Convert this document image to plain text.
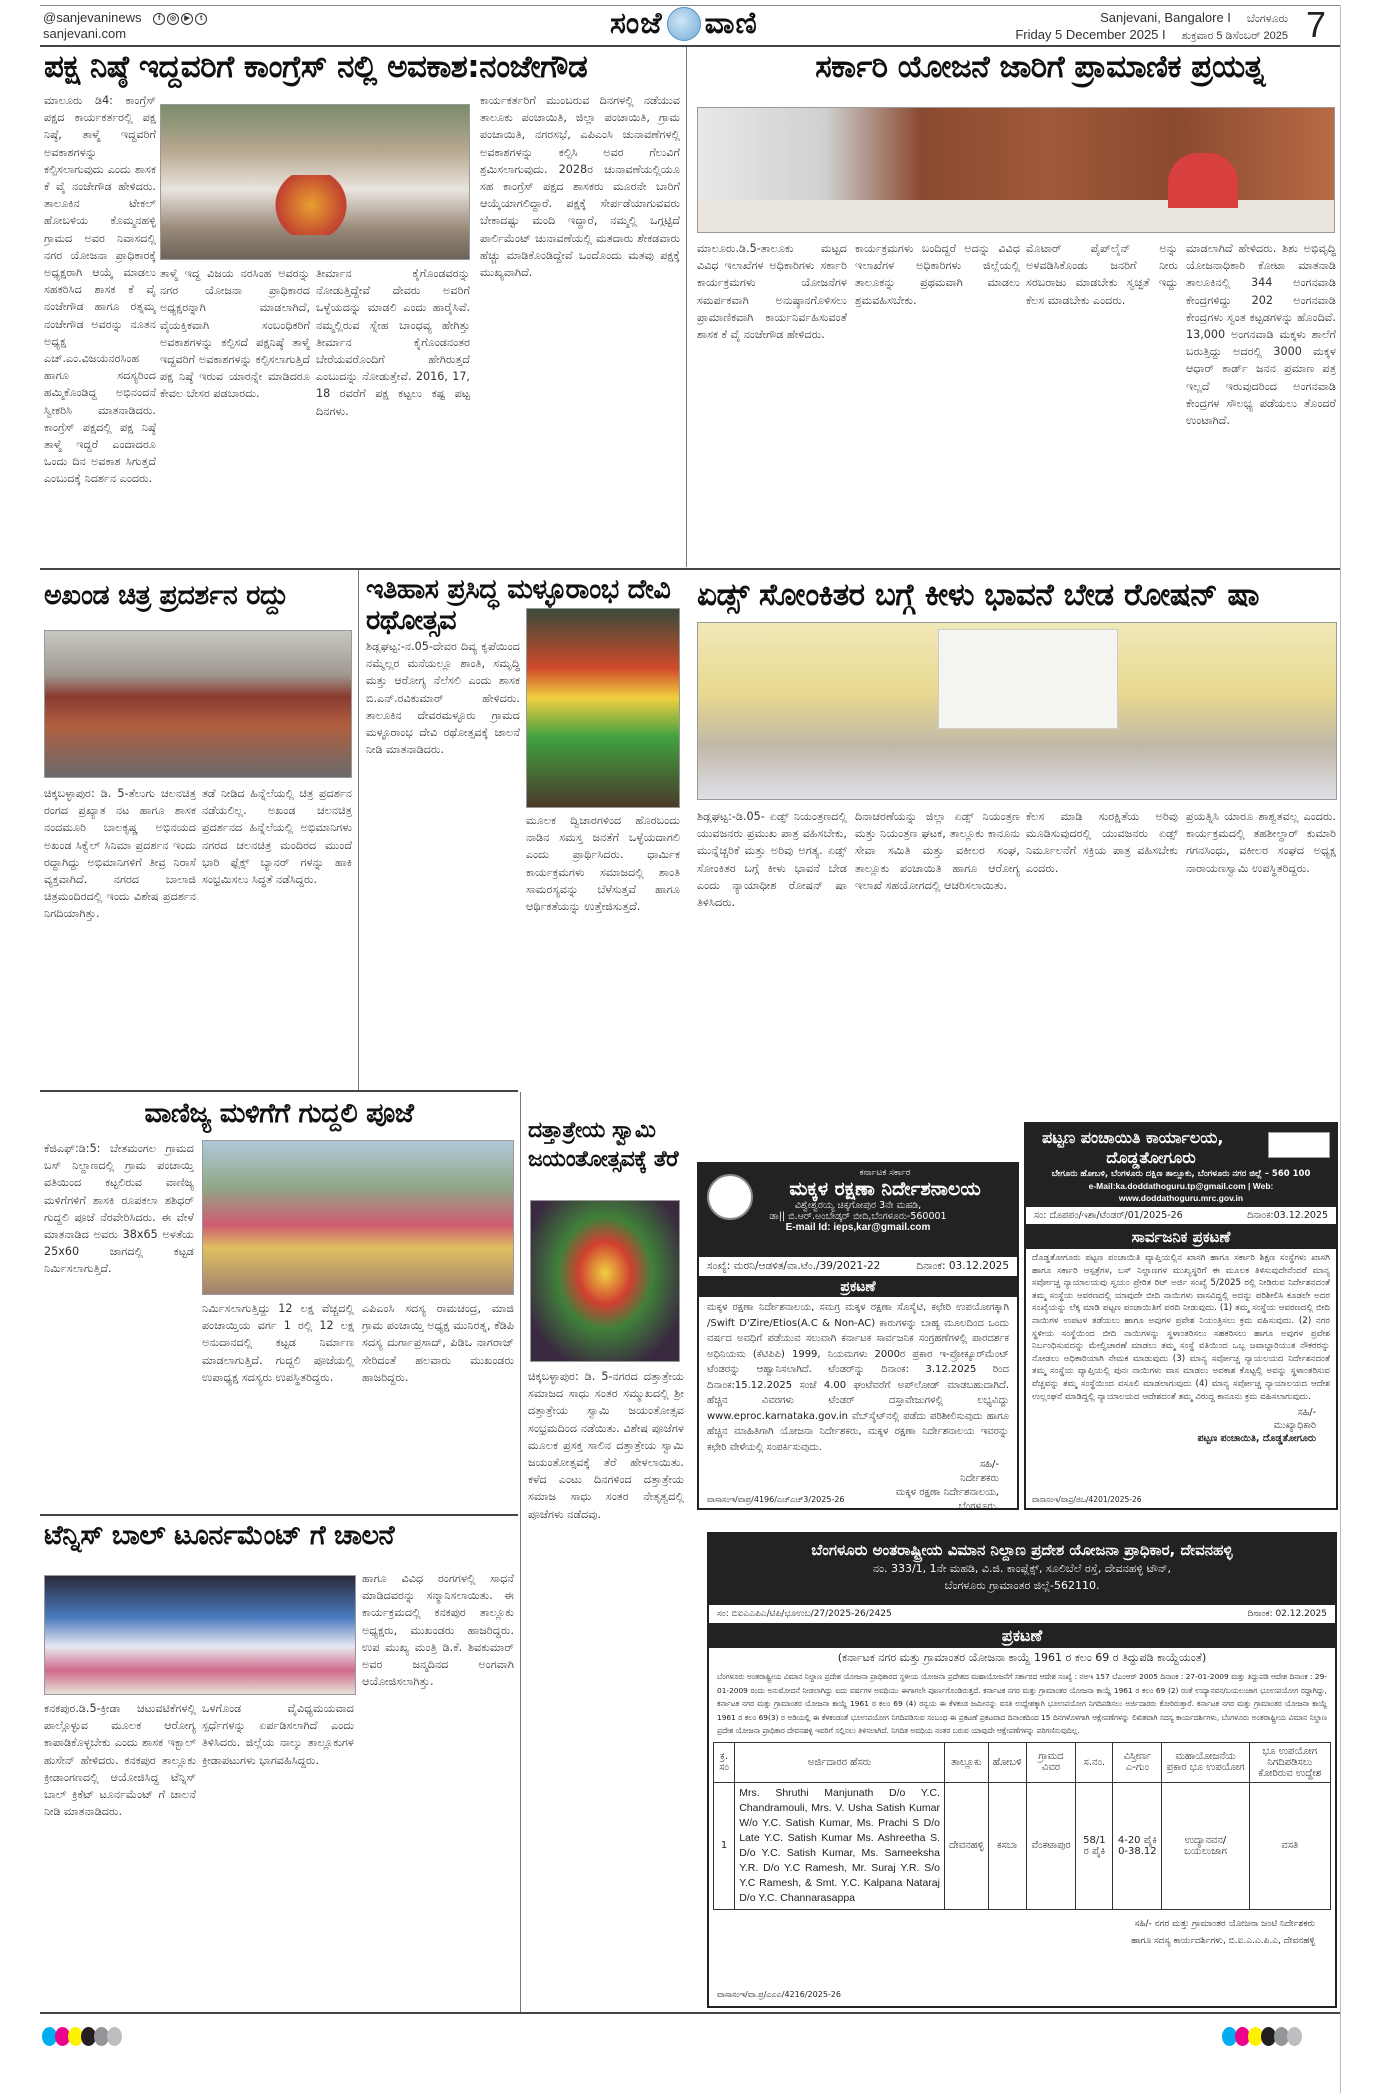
@sanjevaninews	f	◎	▶	t
sanjevani.com	ಸಂಜೆ ವಾಣಿ	Sanjevani, Bangalore I ಬೆಂಗಳೂರು
Friday 5 December 2025 I ಶುಕ್ರವಾರ 5 ಡಿಸೆಂಬರ್ 2025 7
ಪಕ್ಷ ನಿಷ್ಠೆ ಇದ್ದವರಿಗೆ ಕಾಂಗ್ರೆಸ್ ನಲ್ಲಿ ಅವಕಾಶ:ನಂಜೇಗೌಡ
ಮಾಲೂರು ಡಿ4: ಕಾಂಗ್ರೆಸ್ ಪಕ್ಷದ ಕಾರ್ಯಕರ್ತರಲ್ಲಿ ಪಕ್ಷ ನಿಷ್ಠೆ, ತಾಳ್ಮೆ ಇದ್ದವರಿಗೆ ಅವಕಾಶಗಳನ್ನು ಕಲ್ಪಿಸಲಾಗುವುದು ಎಂದು ಶಾಸಕ ಕೆ ವೈ ನಂಜೇಗೌಡ ಹೇಳಿದರು. ತಾಲೂಕಿನ ಟೇಕಲ್ ಹೋಬಳಿಯ ಕೊಮ್ಮನಹಳ್ಳಿ ಗ್ರಾಮದ ಅವರ ನಿವಾಸದಲ್ಲಿ ನಗರ ಯೋಜನಾ ಪ್ರಾಧಿಕಾರಕ್ಕೆ ಅಧ್ಯಕ್ಷರಾಗಿ ಆಯ್ಕೆ ಮಾಡಲು ಸಹಕರಿಸಿದ ಶಾಸಕ ಕೆ ವೈ ನಂಜೇಗೌಡ ಹಾಗೂ ರತ್ನಮ್ಮ ನಂಜೇಗೌಡ ಅವರನ್ನು ನೂತನ ಅಧ್ಯಕ್ಷ ಎಚ್.ಎಂ.ವಿಜಯನರಸಿಂಹ ಹಾಗೂ ಸದಸ್ಯರಿಂದ ಹಮ್ಮಿಕೊಂಡಿದ್ದ ಅಭಿನಂದನೆ ಸ್ವೀಕರಿಸಿ ಮಾತನಾಡಿದರು. ಕಾಂಗ್ರೆಸ್ ಪಕ್ಷದಲ್ಲಿ ಪಕ್ಷ ನಿಷ್ಠೆ ತಾಳ್ಮೆ ಇದ್ದರೆ ಎಂದಾದರೂ ಒಂದು ದಿನ ಅವಕಾಶ ಸಿಗುತ್ತದೆ ಎಂಬುದಕ್ಕೆ ನಿದರ್ಶನ ಎಂದರು.
ತಾಳ್ಮೆ ಇದ್ದ ವಿಜಯ ನರಸಿಂಹ ಅವರನ್ನು ನಗರ ಯೋಜನಾ ಪ್ರಾಧಿಕಾರದ ಅಧ್ಯಕ್ಷರನ್ನಾಗಿ ಮಾಡಲಾಗಿದೆ, ವೈಯಕ್ತಿಕವಾಗಿ ಸಂಬಂಧಿಕರಿಗೆ ಅವಕಾಶಗಳನ್ನು ಕಲ್ಪಿಸದೆ ಪಕ್ಷನಿಷ್ಠೆ ತಾಳ್ಮೆ ಇದ್ದವರಿಗೆ ಅವಕಾಶಗಳನ್ನು ಕಲ್ಪಿಸಲಾಗುತ್ತಿದೆ ಪಕ್ಷ ನಿಷ್ಠೆ ಇರುವ ಯಾರನ್ನೇ ಮಾಡಿದರೂ ಕೇವಲ ಬೇಸರ ಪಡಬಾರದು.
ತೀರ್ಮಾನ ಕೈಗೊಂಡವರನ್ನು ನೋಡುತ್ತಿದ್ದೇವೆ ದೇವರು ಅವರಿಗೆ ಒಳ್ಳೆಯದನ್ನು ಮಾಡಲಿ ಎಂದು ಹಾರೈಸಿವೆ. ನಮ್ಮಲ್ಲಿರುವ ಸ್ನೇಹ ಬಾಂಧವ್ಯ ಹೇಗಿತ್ತು ತೀರ್ಮಾನ ಕೈಗೊಂಡನಂತರ ಬೇರೆಯವರೊಂದಿಗೆ ಹೇಗಿರುತ್ತದೆ ಎಂಬುದನ್ನು ನೋಡುತ್ತೇವೆ. 2016, 17, 18 ರವರೆಗೆ ಪಕ್ಷ ಕಟ್ಟಲು ಕಷ್ಟ ಪಟ್ಟ ದಿನಗಳು.
ಕಾರ್ಯಕರ್ತರಿಗೆ ಮುಂಬರುವ ದಿನಗಳಲ್ಲಿ ನಡೆಯುವ ತಾಲೂಕು ಪಂಚಾಯಿತಿ, ಜಿಲ್ಲಾ ಪಂಚಾಯಿತಿ, ಗ್ರಾಮ ಪಂಚಾಯಿತಿ, ನಗರಸಭೆ, ಎಪಿಎಂಸಿ ಚುನಾವಣೆಗಳಲ್ಲಿ ಅವಕಾಶಗಳನ್ನು ಕಲ್ಪಿಸಿ ಅವರ ಗೆಲುವಿಗೆ ಶ್ರಮಿಸಲಾಗುವುದು. 2028ರ ಚುನಾವಣೆಯಲ್ಲಿಯೂ ಸಹ ಕಾಂಗ್ರೆಸ್ ಪಕ್ಷದ ಶಾಸಕರು ಮೂರನೇ ಬಾರಿಗೆ ಆಯ್ಕೆಯಾಗಲಿದ್ದಾರೆ. ಪಕ್ಷಕ್ಕೆ ಸೇರ್ಪಡೆಯಾಗುವವರು ಬೇಕಾದಷ್ಟು ಮಂದಿ ಇದ್ದಾರೆ, ನಮ್ಮಲ್ಲಿ ಒಗ್ಗಟ್ಟಿದೆ ಪಾರ್ಲಿಮೆಂಟ್ ಚುನಾವಣೆಯಲ್ಲಿ ಮತದಾರು ಶೇಕಡವಾರು ಹೆಚ್ಚು ಮಾಡಿಕೊಂಡಿದ್ದೇವೆ ಒಂದೊಂದು ಮತವು ಪಕ್ಷಕ್ಕೆ ಮುಖ್ಯವಾಗಿದೆ.
ಸರ್ಕಾರಿ ಯೋಜನೆ ಜಾರಿಗೆ ಪ್ರಾಮಾಣಿಕ ಪ್ರಯತ್ನ
ಮಾಲೂರು.ಡಿ.5-ತಾಲೂಕು ಮಟ್ಟದ ವಿವಿಧ ಇಲಾಖೆಗಳ ಅಧಿಕಾರಿಗಳು ಸರ್ಕಾರಿ ಕಾರ್ಯಕ್ರಮಗಳು ಯೋಜನೆಗಳ ಸಮರ್ಪಕವಾಗಿ ಅನುಷ್ಠಾನಗೊಳಿಸಲು ಪ್ರಾಮಾಣಿಕವಾಗಿ ಕಾರ್ಯನಿರ್ವಹಿಸುವಂತೆ ಶಾಸಕ ಕೆ ವೈ ನಂಜೇಗೌಡ ಹೇಳಿದರು.
ಕಾರ್ಯಕ್ರಮಗಳು ಬಂದಿದ್ದರೆ ಅದನ್ನು ವಿವಿಧ ಇಲಾಖೆಗಳ ಅಧಿಕಾರಿಗಳು ಜಿಲ್ಲೆಯಲ್ಲಿ ತಾಲೂಕನ್ನು ಪ್ರಥಮವಾಗಿ ಮಾಡಲು ಶ್ರಮವಹಿಸಬೇಕು.
ಮೊಟಾರ್ ಪೈಪ್‌ಲೈನ್ ಅನ್ನು ಅಳವಡಿಸಿಕೊಂಡು ಜನರಿಗೆ ನೀರು ಸರಬರಾಜು ಮಾಡಬೇಕು ಸ್ವಚ್ಛತೆ ಇದ್ದು ಕೆಲಸ ಮಾಡಬೇಕು ಎಂದರು.
ಮಾಡಲಾಗಿದೆ ಹೇಳಿದರು. ಶಿಶು ಅಭಿವೃದ್ಧಿ ಯೋಜನಾಧಿಕಾರಿ ಕೋಟಾ ಮಾತನಾಡಿ ತಾಲೂಕಿನಲ್ಲಿ 344 ಅಂಗನವಾಡಿ ಕೇಂದ್ರಗಳಿದ್ದು 202 ಅಂಗನವಾಡಿ ಕೇಂದ್ರಗಳು ಸ್ವಂತ ಕಟ್ಟಡಗಳನ್ನು ಹೊಂದಿವೆ. 13,000 ಅಂಗನವಾಡಿ ಮಕ್ಕಳು ಶಾಲೆಗೆ ಬರುತ್ತಿದ್ದು ಅದರಲ್ಲಿ 3000 ಮಕ್ಕಳ ಆಧಾರ್ ಕಾರ್ಡ್ ಜನನ ಪ್ರಮಾಣ ಪತ್ರ ಇಲ್ಲದೆ ಇರುವುದರಿಂದ ಅಂಗನವಾಡಿ ಕೇಂದ್ರಗಳ ಸೌಲಭ್ಯ ಪಡೆಯಲು ತೊಂದರೆ ಉಂಟಾಗಿದೆ.
ಅಖಂಡ ಚಿತ್ರ ಪ್ರದರ್ಶನ ರದ್ದು
ಚಿಕ್ಕಬಳ್ಳಾಪುರ: ಡಿ. 5-ತೆಲುಗು ಚಲನಚಿತ್ರ ರಂಗದ ಪ್ರಖ್ಯಾತ ನಟ ಹಾಗೂ ಶಾಸಕ ನಂದಮೂರಿ ಬಾಲಕೃಷ್ಣ ಅಭಿನಯದ ಅಖಂಡ ಸಿಕ್ವೆಲ್ ಸಿನಿಮಾ ಪ್ರದರ್ಶನ ಇಂದು ರದ್ದಾಗಿದ್ದು ಅಭಿಮಾನಿಗಳಿಗೆ ತೀವ್ರ ನಿರಾಸೆ ವ್ಯಕ್ತವಾಗಿದೆ. ನಗರದ ಬಾಲಾಜಿ ಚಿತ್ರಮಂದಿರದಲ್ಲಿ ಇಂದು ವಿಶೇಷ ಪ್ರದರ್ಶನ ನಿಗದಿಯಾಗಿತ್ತು.
ತಡೆ ನೀಡಿದ ಹಿನ್ನೆಲೆಯಲ್ಲಿ ಚಿತ್ರ ಪ್ರದರ್ಶನ ನಡೆಯಲಿಲ್ಲ. ಅಖಂಡ ಚಲನಚಿತ್ರ ಪ್ರದರ್ಶನದ ಹಿನ್ನೆಲೆಯಲ್ಲಿ ಅಭಿಮಾನಿಗಳು ನಗರದ ಚಲನಚಿತ್ರ ಮಂದಿರದ ಮುಂದೆ ಭಾರಿ ಫ್ಲೆಕ್ಸ್ ಬ್ಯಾನರ್ ಗಳನ್ನು ಹಾಕಿ ಸಂಭ್ರಮಿಸಲು ಸಿದ್ಧತೆ ನಡೆಸಿದ್ದರು.
ಇತಿಹಾಸ ಪ್ರಸಿದ್ಧ ಮಳ್ಳೂರಾಂಭ ದೇವಿ ರಥೋತ್ಸವ
ಶಿಡ್ಲಘಟ್ಟ:-ನ.05-ದೇವರ ದಿವ್ಯ ಕೃಪೆಯಿಂದ ನಮ್ಮೆಲ್ಲರ ಮನೆಯಲ್ಲೂ ಶಾಂತಿ, ಸಮೃದ್ಧಿ ಮತ್ತು ಆರೋಗ್ಯ ನೆಲೆಸಲಿ ಎಂದು ಶಾಸಕ ಬಿ.ಎನ್.ರವಿಕುಮಾರ್ ಹೇಳಿದರು. ತಾಲೂಕಿನ ದೇವರಮಳ್ಳೂರು ಗ್ರಾಮದ ಮಳ್ಳೂರಾಂಭ ದೇವಿ ರಥೋತ್ಸವಕ್ಕೆ ಚಾಲನೆ ನೀಡಿ ಮಾತನಾಡಿದರು.
ಮೂಲಕ ದ್ವಿಚಾರಗಳಿಂದ ಹೊರಬಂದು ನಾಡಿನ ಸಮಸ್ತ ಜನತೆಗೆ ಒಳ್ಳೆಯದಾಗಲಿ ಎಂದು ಪ್ರಾರ್ಥಿಸಿದರು. ಧಾರ್ಮಿಕ ಕಾರ್ಯಕ್ರಮಗಳು ಸಮಾಜದಲ್ಲಿ ಶಾಂತಿ ಸಾಮರಸ್ಯವನ್ನು ಬೆಳೆಸುತ್ತವೆ ಹಾಗೂ ಆರ್ಥಿಕತೆಯನ್ನು ಉತ್ತೇಜಿಸುತ್ತದೆ.
ಏಡ್ಸ್ ಸೋಂಕಿತರ ಬಗ್ಗೆ ಕೀಳು ಭಾವನೆ ಬೇಡ ರೋಷನ್ ಷಾ
ಶಿಡ್ಲಘಟ್ಟ:-ಡಿ.05- ಏಡ್ಸ್ ನಿಯಂತ್ರಣದಲ್ಲಿ ಯುವಜನರು ಪ್ರಮುಖ ಪಾತ್ರ ವಹಿಸಬೇಕು, ಮುನ್ನೆಚ್ಚರಿಕೆ ಮತ್ತು ಅರಿವು ಅಗತ್ಯ. ಏಡ್ಸ್ ಸೋಂಕಿತರ ಬಗ್ಗೆ ಕೀಳು ಭಾವನೆ ಬೇಡ ಎಂದು ನ್ಯಾಯಾಧೀಶ ರೋಷನ್ ಷಾ ತಿಳಿಸಿದರು.
ದಿನಾಚರಣೆಯನ್ನು ಜಿಲ್ಲಾ ಏಡ್ಸ್ ನಿಯಂತ್ರಣ ಮತ್ತು ನಿಯಂತ್ರಣ ಘಟಕ, ತಾಲ್ಲೂಕು ಕಾನೂನು ಸೇವಾ ಸಮಿತಿ ಮತ್ತು ವಕೀಲರ ಸಂಘ, ತಾಲ್ಲೂಕು ಪಂಚಾಯಿತಿ ಹಾಗೂ ಆರೋಗ್ಯ ಇಲಾಖೆ ಸಹಯೋಗದಲ್ಲಿ ಆಚರಿಸಲಾಯಿತು.
ಕೆಲಸ ಮಾಡಿ ಸುರಕ್ಷಿತೆಯ ಅರಿವು ಮೂಡಿಸುವುದರಲ್ಲಿ ಯುವಜನರು ಏಡ್ಸ್ ನಿರ್ಮೂಲನೆಗೆ ಸಕ್ರಿಯ ಪಾತ್ರ ವಹಿಸಬೇಕು ಎಂದರು.
ಪ್ರಯತ್ನಿಸಿ ಯಾರೂ ಶಾಶ್ವತವಲ್ಲ ಎಂದರು. ಕಾರ್ಯಕ್ರಮದಲ್ಲಿ ತಹಶೀಲ್ದಾರ್ ಕುಮಾರಿ ಗಗನಸಿಂಧು, ವಕೀಲರ ಸಂಘದ ಅಧ್ಯಕ್ಷ ನಾರಾಯಣಸ್ವಾಮಿ ಉಪಸ್ಥಿತರಿದ್ದರು.
ವಾಣಿಜ್ಯ ಮಳಿಗೆಗೆ ಗುದ್ದಲಿ ಪೂಜೆ
ಕೆಜಿಎಫ್:ಡಿ:5: ಬೇತಮಂಗಲ ಗ್ರಾಮದ ಬಸ್ ನಿಲ್ದಾಣದಲ್ಲಿ ಗ್ರಾಮ ಪಂಚಾಯ್ತಿ ವತಿಯಿಂದ ಕಟ್ಟಲಿರುವ ವಾಣಿಜ್ಯ ಮಳಿಗೆಗಳಿಗೆ ಶಾಸಕಿ ರೂಪಕಲಾ ಶಶಿಧರ್ ಗುದ್ದಲಿ ಪೂಜೆ ನೆರವೇರಿಸಿದರು. ಈ ವೇಳೆ ಮಾತನಾಡಿದ ಅವರು 38x65 ಅಳತೆಯ 25x60 ಜಾಗದಲ್ಲಿ ಕಟ್ಟಡ ನಿರ್ಮಿಸಲಾಗುತ್ತಿದೆ.
ನಿರ್ಮಿಸಲಾಗುತ್ತಿದ್ದು 12 ಲಕ್ಷ ವೆಚ್ಚದಲ್ಲಿ ಪಂಚಾಯ್ತಿಯ ವರ್ಗ 1 ರಲ್ಲಿ 12 ಲಕ್ಷ ಅನುದಾನದಲ್ಲಿ ಕಟ್ಟಡ ನಿರ್ಮಾಣ ಮಾಡಲಾಗುತ್ತಿದೆ. ಗುದ್ದಲಿ ಪೂಜೆಯಲ್ಲಿ ಉಪಾಧ್ಯಕ್ಷ ಸದಸ್ಯರು ಉಪಸ್ಥಿತರಿದ್ದರು.
ಎಪಿಎಂಸಿ ಸದಸ್ಯ ರಾಮಚಂದ್ರ, ಮಾಜಿ ಗ್ರಾಮ ಪಂಚಾಯ್ತಿ ಅಧ್ಯಕ್ಷ ಮುನಿರತ್ನ, ಕೆಡಿಪಿ ಸದಸ್ಯ ದುರ್ಗಾಪ್ರಸಾದ್, ಪಿಡಿಒ ನಾಗರಾಜ್ ಸೇರಿದಂತೆ ಹಲವಾರು ಮುಖಂಡರು ಹಾಜರಿದ್ದರು.
ದತ್ತಾತ್ರೇಯ ಸ್ವಾಮಿ ಜಯಂತೋತ್ಸವಕ್ಕೆ ತೆರೆ
ಚಿಕ್ಕಬಳ್ಳಾಪುರ: ಡಿ. 5-ನಗರದ ದತ್ತಾತ್ರೇಯ ಸಮಾಜದ ಸಾಧು ಸಂತರ ಸಮ್ಮುಖದಲ್ಲಿ ಶ್ರೀ ದತ್ತಾತ್ರೇಯ ಸ್ವಾಮಿ ಜಯಂತೋತ್ಸವ ಸಂಭ್ರಮದಿಂದ ನಡೆಯಿತು. ವಿಶೇಷ ಪೂಜೆಗಳ ಮೂಲಕ ಪ್ರಸಕ್ತ ಸಾಲಿನ ದತ್ತಾತ್ರೇಯ ಸ್ವಾಮಿ ಜಯಂತೋತ್ಸವಕ್ಕೆ ತೆರೆ ಹೇಳಲಾಯಿತು. ಕಳೆದ ಎಂಟು ದಿನಗಳಿಂದ ದತ್ತಾತ್ರೇಯ ಸಮಾಜ ಸಾಧು ಸಂತರ ನೇತೃತ್ವದಲ್ಲಿ ಪೂಜೆಗಳು ನಡೆದವು.
ಟೆನ್ನಿಸ್ ಬಾಲ್ ಟೂರ್ನಮೆಂಟ್ ಗೆ ಚಾಲನೆ
ಕನಕಪುರ.ಡಿ.5-ಕ್ರೀಡಾ ಚಟುವಟಿಕೆಗಳಲ್ಲಿ ಪಾಲ್ಗೊಳ್ಳುವ ಮೂಲಕ ಆರೋಗ್ಯ ಕಾಪಾಡಿಕೊಳ್ಳಬೇಕು ಎಂದು ಶಾಸಕ ಇಕ್ಬಾಲ್ ಹುಸೇನ್ ಹೇಳಿದರು. ಕನಕಪುರ ತಾಲ್ಲೂಕು ಕ್ರೀಡಾಂಗಣದಲ್ಲಿ ಆಯೋಜಿಸಿದ್ದ ಟೆನ್ನಿಸ್ ಬಾಲ್ ಕ್ರಿಕೆಟ್ ಟೂರ್ನಮೆಂಟ್ ಗೆ ಚಾಲನೆ ನೀಡಿ ಮಾತನಾಡಿದರು.
ಒಳಗೊಂಡ ವೈವಿಧ್ಯಮಯವಾದ ಸ್ಪರ್ಧೆಗಳನ್ನು ಏರ್ಪಡಿಸಲಾಗಿದೆ ಎಂದು ತಿಳಿಸಿದರು. ಜಿಲ್ಲೆಯ ನಾಲ್ಕು ತಾಲ್ಲೂಕುಗಳ ಕ್ರೀಡಾಪಟುಗಳು ಭಾಗವಹಿಸಿದ್ದರು.
ಹಾಗೂ ವಿವಿಧ ರಂಗಗಳಲ್ಲಿ ಸಾಧನೆ ಮಾಡಿದವರನ್ನು ಸನ್ಮಾನಿಸಲಾಯಿತು. ಈ ಕಾರ್ಯಕ್ರಮದಲ್ಲಿ ಕನಕಪುರ ತಾಲ್ಲೂಕು ಅಧ್ಯಕ್ಷರು, ಮುಖಂಡರು ಹಾಜರಿದ್ದರು. ಉಪ ಮುಖ್ಯ ಮಂತ್ರಿ ಡಿ.ಕೆ. ಶಿವಕುಮಾರ್ ಅವರ ಜನ್ಮದಿನದ ಅಂಗವಾಗಿ ಆಯೋಜಿಸಲಾಗಿತ್ತು.
ಕರ್ನಾಟಕ ಸರ್ಕಾರ
ಮಕ್ಕಳ ರಕ್ಷಣಾ ನಿರ್ದೇಶನಾಲಯ
ವಿಶ್ವೇಶ್ವರಯ್ಯ ಚಿಕ್ಕಗೋಪುರ 3ನೇ ಮಹಡಿ,
ಡಾ|| ಬಿ.ಆರ್.ಅಂಬೇಡ್ಕರ್ ಬೀದಿ,ಬೆಂಗಳೂರು-560001
E-mail Id: ieps,kar@gmail.com
ಸಂಖ್ಯೆ: ಮರನಿ/ಆಡಳಿತ/ವಾ.ಟೆಂ./39/2021-22	ದಿನಾಂಕ: 03.12.2025
ಪ್ರಕಟಣೆ
ಮಕ್ಕಳ ರಕ್ಷಣಾ ನಿರ್ದೇಶನಾಲಯ, ಸಮಗ್ರ ಮಕ್ಕಳ ರಕ್ಷಣಾ ಸೊಸೈಟಿ, ಕಛೇರಿ ಉಪಯೋಗಕ್ಕಾಗಿ /Swift D'Zire/Etios(A.C & Non-AC) ಕಾರುಗಳನ್ನು ಬಾಹ್ಯ ಮೂಲದಿಂದ ಒಂದು ವರ್ಷದ ಅವಧಿಗೆ ಪಡೆಯುವ ಸಲುವಾಗಿ ಕರ್ನಾಟಕ ಸಾರ್ವಜನಿಕ ಸಂಗ್ರಹಣೆಗಳಲ್ಲಿ ಪಾರದರ್ಶಕ ಅಧಿನಿಯಮ (ಕೆಟಿಪಿಪಿ) 1999, ನಿಯಮಗಳು 2000ರ ಪ್ರಕಾರ ಇ-ಪ್ರೋಕ್ಯೂರ್‌ಮೆಂಟ್ ಟೆಂಡರನ್ನು ಆಹ್ವಾನಿಸಲಾಗಿದೆ. ಟೆಂಡರ್‌ನ್ನು ದಿನಾಂಕ: 3.12.2025 ರಿಂದ ದಿನಾಂಕ:15.12.2025 ಸಂಜೆ 4.00 ಘಂಟೆವರೆಗೆ ಅಪ್‌ಲೋಡ್ ಮಾಡಬಹುದಾಗಿದೆ. ಹೆಚ್ಚಿನ ವಿವರಗಳು ಟೆಂಡರ್ ದಸ್ತಾವೇಜುಗಳಲ್ಲಿ ಲಭ್ಯವಿದ್ದು www.eproc.karnataka.gov.in ವೆಬ್‌ಸೈಟ್‌ನಲ್ಲಿ ಪಡೆದು ಪರಿಶೀಲಿಸುವುದು ಹಾಗೂ ಹೆಚ್ಚಿನ ಮಾಹಿತಿಗಾಗಿ ಯೋಜನಾ ನಿರ್ದೇಶಕರು, ಮಕ್ಕಳ ರಕ್ಷಣಾ ನಿರ್ದೇಶನಾಲಯ ಇವರನ್ನು ಕಛೇರಿ ವೇಳೆಯಲ್ಲಿ ಸಂಪರ್ಕಿಸುವುದು.
ಸಹಿ/-
ನಿರ್ದೇಶಕರು
ಮಕ್ಕಳ ರಕ್ಷಣಾ ನಿರ್ದೇಶನಾಲಯ,
ಬೆಂಗಳೂರು.
ವಾಸಾಸಂಇ/ವಾಪ್ರ/4196/ಎಚ್‌ಎಚ್3/2025-26
ಪಟ್ಟಣ ಪಂಚಾಯಿತಿ ಕಾರ್ಯಾಲಯ,
ದೊಡ್ಡತೋಗೂರು
ಬೇಗೂರು ಹೋಬಳಿ, ಬೆಂಗಳೂರು ದಕ್ಷಿಣ ತಾಲ್ಲೂಕು, ಬೆಂಗಳೂರು ನಗರ ಜಿಲ್ಲೆ – 560 100
e-Mail:ka.doddathoguru.tp@gmail.com | Web: www.doddathoguru.mrc.gov.in
ಸಂ: ದೊಪಪಂ/ಇಶಾ/ಟೆಂಡರ್/01/2025-26	ದಿನಾಂಕ:03.12.2025
ಸಾರ್ವಜನಿಕ ಪ್ರಕಟಣೆ
ದೊಡ್ಡತೋಗೂರು ಪಟ್ಟಣ ಪಂಚಾಯಿತಿ ವ್ಯಾಪ್ತಿಯಲ್ಲಿನ ಖಾಸಗಿ ಹಾಗೂ ಸರ್ಕಾರಿ ಶಿಕ್ಷಣ ಸಂಸ್ಥೆಗಳು ಖಾಸಗಿ ಹಾಗೂ ಸರ್ಕಾರಿ ಆಸ್ಪತ್ರೆಗಳ, ಬಸ್ ನಿಲ್ದಾಣಗಳ ಮುಖ್ಯಸ್ಥರಿಗೆ ಈ ಮೂಲಕ ತಿಳಿಸುವುದೇನೆಂದರೆ ಮಾನ್ಯ ಸರ್ವೋಚ್ಚ ನ್ಯಾಯಾಲಯವು ಸ್ವಯಂ ಪ್ರೇರಿತ ರಿಟ್ ಅರ್ಜಿ ಸಂಖ್ಯೆ 5/2025 ರಲ್ಲಿ ನೀಡಿರುವ ನಿರ್ದೇಶನದಂತೆ ತಮ್ಮ ಸಂಸ್ಥೆಯ ಆವರಣದಲ್ಲಿ ಯಾವುದೇ ಬೀದಿ ನಾಯಿಗಳು ವಾಸವಿದ್ದಲ್ಲಿ ಅದನ್ನು ಪರಿಶೀಲಿಸಿ ಕೂಡಲೇ ಅದರ ಸಂಖ್ಯೆಯನ್ನು ಲೆಕ್ಕ ಮಾಡಿ ಪಟ್ಟಣ ಪಂಚಾಯಿತಿಗೆ ವರದಿ ನೀಡುವುದು. (1) ತಮ್ಮ ಸಂಸ್ಥೆಯ ಆವರಣದಲ್ಲಿ ಬೀದಿ ನಾಯಿಗಳ ಉಪಟಳ ತಡೆಯಲು ಹಾಗೂ ಅವುಗಳ ಪ್ರವೇಶ ನಿಯಂತ್ರಿಸಲು ಕ್ರಮ ವಹಿಸುವುದು. (2) ನಗರ ಸ್ಥಳೀಯ ಸಂಸ್ಥೆಯಿಂದ ಬೀದಿ ನಾಯಿಗಳನ್ನು ಸ್ಥಳಾಂತರಿಸಲು ಸಹಕರಿಸಲು ಹಾಗೂ ಅವುಗಳ ಪ್ರವೇಶ ನಿರ್ಬಂಧಿಸುವದನ್ನು ಮೇಲ್ವಿಚಾರಣೆ ಮಾಡಲು ತಮ್ಮ ಸಂಸ್ಥೆ ವತಿಯಿಂದ ಒಬ್ಬ ಜವಾಬ್ದಾರಿಯುತ ನೌಕರರನ್ನು ನೋಡಲು ಅಧಿಕಾರಿಯಾಗಿ ನೇಮಕ ಮಾಡುವುದು (3) ಮಾನ್ಯ ಸರ್ವೋಚ್ಚ ನ್ಯಾಯಲಯದ ನಿರ್ದೇಶನದಂತೆ ತಮ್ಮ ಸಂಸ್ಥೆಯ ವ್ಯಾಪ್ತಿಯಲ್ಲಿ ಪುನಃ ನಾಯಿಗಳು ವಾಸ ಮಾಡಲು ಅವಕಾಶ ಕೊಟ್ಟಲ್ಲಿ ಅವನ್ನು ಸ್ಥಳಾಂತರಿಸುವ ವೆಚ್ಚವನ್ನು ತಮ್ಮ ಸಂಸ್ಥೆಯಿಂದ ವಸೂಲಿ ಮಾಡಲಾಗುವುದು (4) ಮಾನ್ಯ ಸರ್ವೋಚ್ಚ ನ್ಯಾಯಾಲಯದ ಆದೇಶ ಉಲ್ಲಂಘನೆ ಮಾಡಿದ್ದಲ್ಲಿ ನ್ಯಾಯಾಲಯದ ಆದೇಶದಂತೆ ತಮ್ಮ ವಿರುದ್ಧ ಕಾನೂನು ಕ್ರಮ ವಹಿಸಲಾಗುವುದು.
ಸಹಿ/-
ಮುಖ್ಯಾಧಿಕಾರಿ
ಪಟ್ಟಣ ಪಂಚಾಯಿತಿ, ದೊಡ್ಡತೋಗೂರು
ವಾಸಾಸಂಇ/ವಾಪ್ರ/ಜಿಒ/4201/2025-26
ಬೆಂಗಳೂರು ಅಂತರಾಷ್ಟ್ರೀಯ ವಿಮಾನ ನಿಲ್ದಾಣ ಪ್ರದೇಶ ಯೋಜನಾ ಪ್ರಾಧಿಕಾರ, ದೇವನಹಳ್ಳಿ
ನಂ. 333/1, 1ನೇ ಮಹಡಿ, ವಿ.ಜಿ. ಕಾಂಪ್ಲೆಕ್ಸ್, ಸೂಲಿಬೆಲೆ ರಸ್ತೆ, ದೇವನಹಳ್ಳಿ ಟೌನ್,
ಬೆಂಗಳೂರು ಗ್ರಾಮಾಂತರ ಜಿಲ್ಲೆ-562110.
ಸಂ: ಬಿಐಎಎಪಿಎ/ಟಿಪಿ/ಭೂಉಬ/27/2025-26/2425	ದಿನಾಂಕ: 02.12.2025
ಪ್ರಕಟಣೆ
(ಕರ್ನಾಟಕ ನಗರ ಮತ್ತು ಗ್ರಾಮಾಂತರ ಯೋಜನಾ ಕಾಯ್ದೆ 1961 ರ ಕಲಂ 69 ರ ತಿದ್ದುಪಡಿ ಕಾಯ್ದೆಯಂತೆ)
ಬೆಂಗಳೂರು ಅಂತರಾಷ್ಟ್ರೀಯ ವಿಮಾನ ನಿಲ್ದಾಣ ಪ್ರದೇಶ ಯೋಜನಾ ಪ್ರಾಧಿಕಾರದ ಸ್ಥಳೀಯ ಯೋಜನಾ ಪ್ರದೇಶದ ಮಹಾಯೋಜನೆಗೆ ಸರ್ಕಾರದ ಆದೇಶ ಸಂಖ್ಯೆ : ನಅಇ 157 ಬೆಎಂಆರ್ 2005 ದಿನಾಂಕ : 27-01-2009 ಮತ್ತು ತಿದ್ದುಪಡಿ ಆದೇಶ ದಿನಾಂಕ : 29-01-2009 ರಂದು ಅನುಮೋದನೆ ನೀಡಲಾಗಿದ್ದು ಐದು ವರ್ಷಗಳ ಅವಧಿಯು ಈಗಾಗಲೇ ಪೂರ್ಣಗೊಂಡಿರುತ್ತದೆ. ಕರ್ನಾಟಕ ನಗರ ಮತ್ತು ಗ್ರಾಮಾಂತರ ಯೋಜನಾ ಕಾಯ್ದೆ 1961 ರ ಕಲಂ 69 (2) ರಂತೆ ಉದ್ಯಾನವನ/ಬಯಲುಜಾಗ ಭೂಉಪಯೋಗ ರದ್ದಾಗಿದ್ದು, ಕರ್ನಾಟಕ ನಗರ ಮತ್ತು ಗ್ರಾಮಾಂತರ ಯೋಜನಾ ಕಾಯ್ದೆ 1961 ರ ಕಲಂ 69 (4) ರನ್ವಯ ಈ ಕೆಳಕಂಡ ಜಮೀನನ್ನು ವಸತಿ ಉದ್ದೇಶಕ್ಕಾಗಿ ಭೂಉಪಯೋಗ ನಿಗದಿಪಡಿಸಲು ಅರ್ಜಿದಾರರು ಕೋರಿರುತ್ತಾರೆ. ಕರ್ನಾಟಕ ನಗರ ಮತ್ತು ಗ್ರಾಮಾಂತರ ಯೋಜನಾ ಕಾಯ್ದೆ 1961 ರ ಕಲಂ 69(3) ರ ಅಡಿಯಲ್ಲಿ ಈ ಕೆಳಕಂಡಂತೆ ಭೂಉಪಯೋಗ ನಿಗದಿಪಡಿಸುವ ಸಂಬಂಧ ಈ ಪ್ರಕಟಣೆ ಪ್ರಕಟವಾದ ದಿನಾಂಕದಿಂದ 15 ದಿನಗಳೊಳಗಾಗಿ ಆಕ್ಷೇಪಣೆಗಳನ್ನು ಲಿಖಿತವಾಗಿ ಸದಸ್ಯ ಕಾರ್ಯದರ್ಶಿಗಳು, ಬೆಂಗಳೂರು ಅಂತರಾಷ್ಟ್ರೀಯ ವಿಮಾನ ನಿಲ್ದಾಣ ಪ್ರದೇಶ ಯೋಜನಾ ಪ್ರಾಧಿಕಾರ ದೇವನಹಳ್ಳಿ ಇವರಿಗೆ ಸಲ್ಲಿಸಲು ತಿಳಿಸಲಾಗಿದೆ. ನಿಗದಿತ ಅವಧಿಯ ನಂತರ ಬರುವ ಯಾವುದೇ ಆಕ್ಷೇಪಣೆಗಳನ್ನು ಪರಿಗಣಿಸುವುದಿಲ್ಲ.
ಕ್ರ. ಸಂ	ಅರ್ಜಿದಾರರ ಹೆಸರು	ತಾಲ್ಲೂಕು	ಹೋಬಳಿ	ಗ್ರಾಮದ ವಿವರ	ಸ.ನಂ.	ವಿಸ್ತೀರ್ಣ ಎ-ಗುಂ	ಮಹಾಯೋಜನೆಯ ಪ್ರಕಾರ ಭೂ ಉಪಯೋಗ	ಭೂ ಉಪಯೋಗ ನಿಗದಿಪಡಿಸಲು ಕೋರಿರುವ ಉದ್ದೇಶ
1	Mrs. Shruthi Manjunath D/o Y.C. Chandramouli, Mrs. V. Usha Satish Kumar W/o Y.C. Satish Kumar, Ms. Prachi S D/o Late Y.C. Satish Kumar Ms. Ashreetha S. D/o Y.C. Satish Kumar, Ms. Sameeksha Y.R. D/o Y.C Ramesh, Mr. Suraj Y.R. S/o Y.C Ramesh, & Smt. Y.C. Kalpana Nataraj D/o Y.C. Channarasappa	ದೇವನಹಳ್ಳಿ	ಕಸಬಾ	ವೆಂಕಟಾಪುರ	58/1 ರ ಪೈಕಿ	4-20 ಪೈಕಿ 0-38.12	ಉದ್ಯಾನವನ/ ಬಯಲುಜಾಗ	ವಸತಿ
ಸಹಿ/- ನಗರ ಮತ್ತು ಗ್ರಾಮಾಂತರ ಯೋಜನಾ ಜಂಟಿ ನಿರ್ದೇಶಕರು
ಹಾಗೂ ಸದಸ್ಯ ಕಾರ್ಯದರ್ಶಿಗಳು, ಬಿ.ಐ.ಎ.ಎ.ಪಿ.ಎ, ದೇವನಹಳ್ಳಿ
ವಾಸಾಸಂಇ/ವಾ.ಪ್ರ/ಎಎಎ/4216/2025-26
